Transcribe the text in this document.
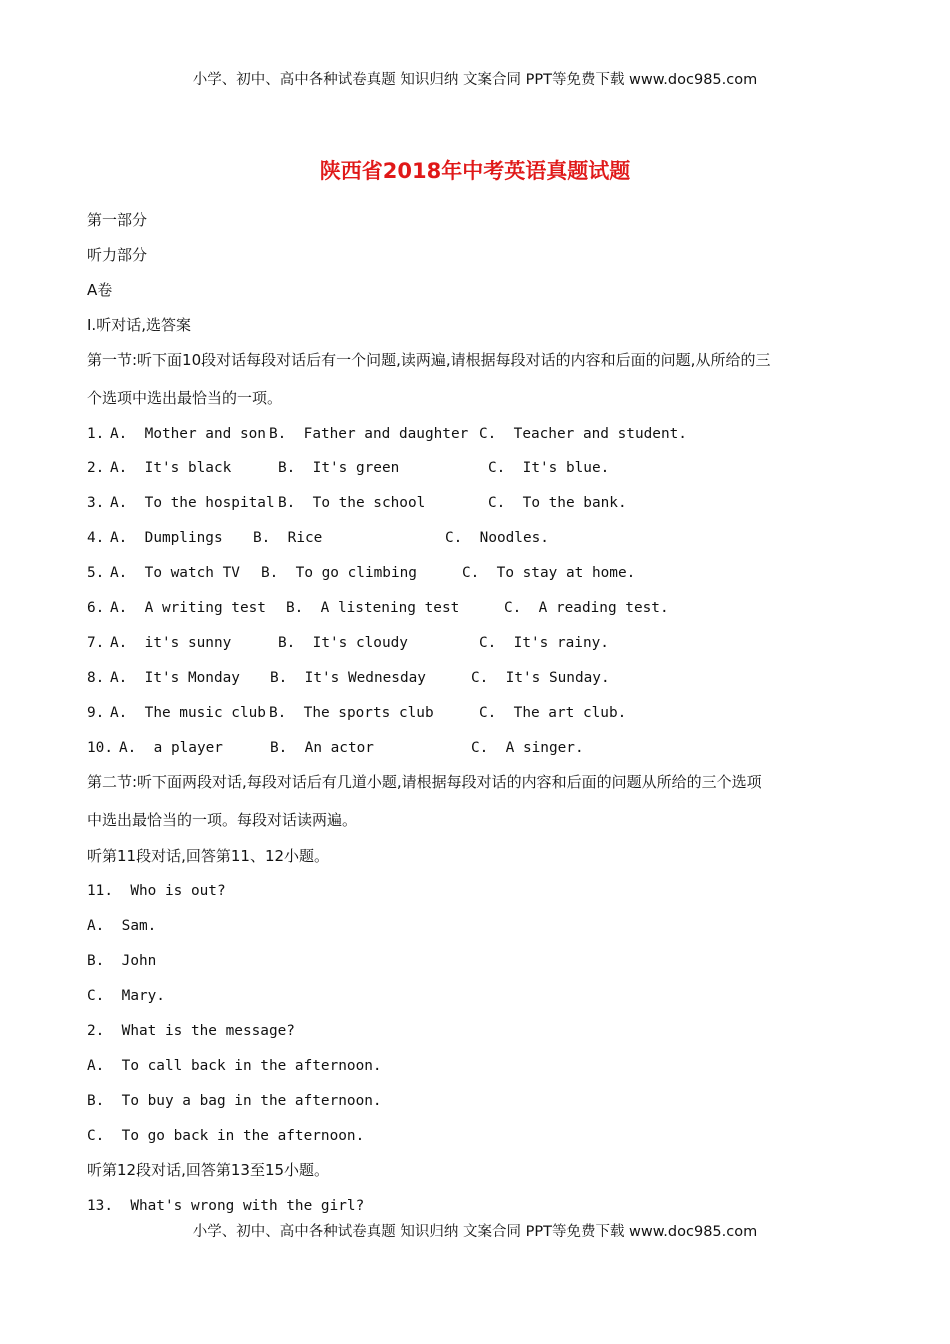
小学、初中、高中各种试卷真题 知识归纳 文案合同 PPT等免费下载 www.doc985.com
陕西省2018年中考英语真题试题
第一部分
听力部分
A卷
I.听对话,选答案
第一节:听下面10段对话每段对话后有一个问题,读两遍,请根据每段对话的内容和后面的问题,从所给的三
个选项中选出最恰当的一项。
1. A.  Mother and son B.  Father and daughter C.  Teacher and student.
2. A.  It's black	B.  It's green	C.  It's blue.
3. A.  To the hospital B.  To the school	C.  To the bank.
4. A.  Dumplings B.  Rice	C.  Noodles.
5. A.  To watch TV B.  To go climbing	C.  To stay at home.
6. A.  A writing test B.  A listening test	C.  A reading test.
7. A.  it's sunny	B.  It's cloudy	C.  It's rainy.
8. A.  It's Monday B.  It's Wednesday	C.  It's Sunday.
9. A.  The music club B.  The sports club	C.  The art club.
10. A.  a player	B.  An actor	C.  A singer.
第二节:听下面两段对话,每段对话后有几道小题,请根据每段对话的内容和后面的问题从所给的三个选项
中选出最恰当的一项。每段对话读两遍。
听第11段对话,回答第11、12小题。
11.  Who is out?
A.  Sam.
B.  John
C.  Mary.
2.  What is the message?
A.  To call back in the afternoon.
B.  To buy a bag in the afternoon.
C.  To go back in the afternoon.
听第12段对话,回答第13至15小题。
13.  What's wrong with the girl?
小学、初中、高中各种试卷真题 知识归纳 文案合同 PPT等免费下载 www.doc985.com
